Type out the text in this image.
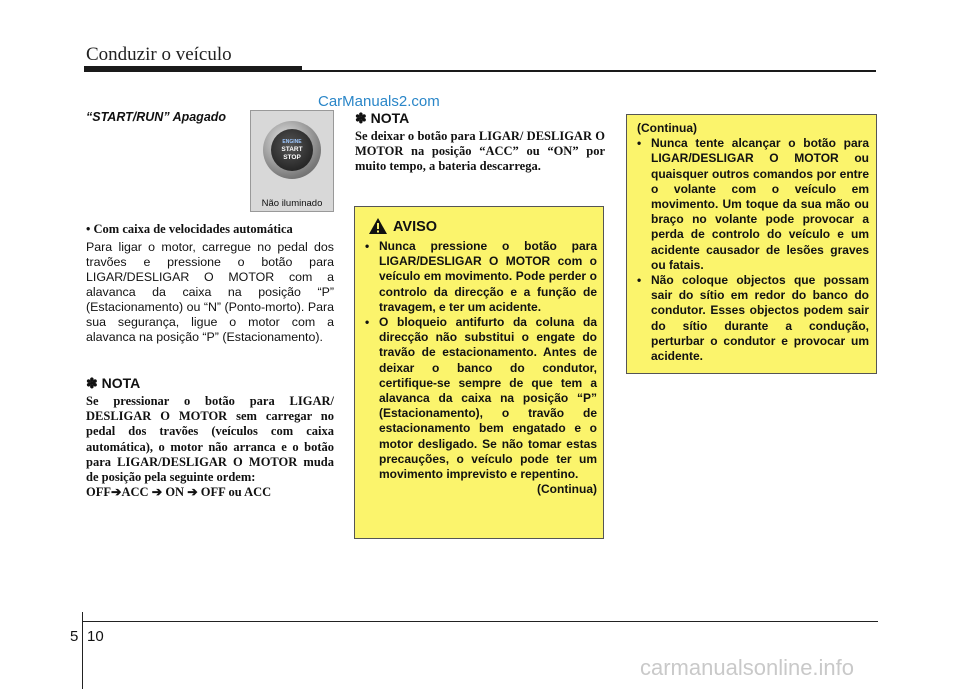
Conduzir o veículo
CarManuals2.com
“START/RUN” Apagado
ENGINE
START
STOP
Não iluminado
• Com caixa de velocidades automática
Para ligar o motor, carregue no pedal dos travões e pressione o botão para LIGAR/DESLIGAR O MOTOR com a alavanca da caixa na posição “P” (Estacionamento) ou “N” (Ponto-morto). Para sua segurança, ligue o motor com a alavanca na posição “P” (Estacionamento).
✽ NOTA
Se pressionar o botão para LIGAR/ DESLIGAR O MOTOR sem carregar no pedal dos travões (veículos com caixa automática), o motor não arranca e o botão para LIGAR/DESLIGAR O MOTOR muda de posição pela seguinte ordem:
OFF➔ACC ➔ ON ➔ OFF ou ACC
✽ NOTA
Se deixar o botão para LIGAR/ DESLIGAR O MOTOR na posição “ACC” ou “ON” por muito tempo, a bateria descarrega.
AVISO
• Nunca pressione o botão para LIGAR/DESLIGAR O MOTOR com o veículo em movimento. Pode perder o controlo da direcção e a função de travagem, e ter um acidente.
• O bloqueio antifurto da coluna da direcção não substitui o engate do travão de estacionamento. Antes de deixar o banco do condutor, certifique-se sempre de que tem a alavanca da caixa na posição “P” (Estacionamento), o travão de estacionamento bem engatado e o motor desligado. Se não tomar estas precauções, o veículo pode ter um movimento imprevisto e repentino.
(Continua)
(Continua)
• Nunca tente alcançar o botão para LIGAR/DESLIGAR O MOTOR ou quaisquer outros comandos por entre o volante com o veículo em movimento. Um toque da sua mão ou braço no volante pode provocar a perda de controlo do veículo e um acidente causador de lesões graves ou fatais.
• Não coloque objectos que possam sair do sítio em redor do banco do condutor. Esses objectos podem sair do sítio durante a condução, perturbar o condutor e provocar um acidente.
5 10
carmanualsonline.info
